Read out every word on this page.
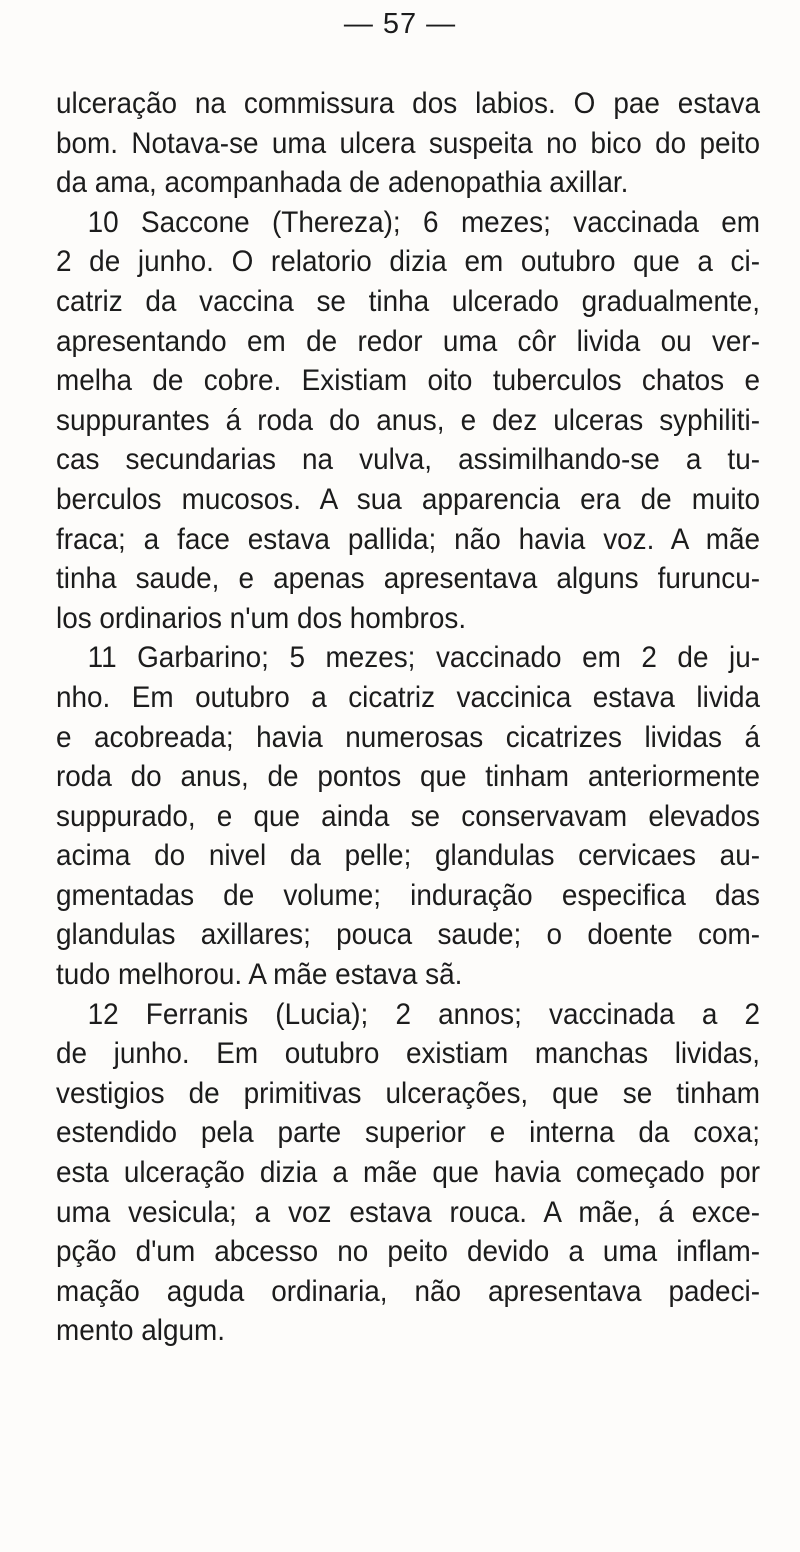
— 57 —
ulceração na commissura dos labios. O pae estava
bom. Notava-se uma ulcera suspeita no bico do peito
da ama, acompanhada de adenopathia axillar.
10 Saccone (Thereza); 6 mezes; vaccinada em
2 de junho. O relatorio dizia em outubro que a ci-
catriz da vaccina se tinha ulcerado gradualmente,
apresentando em de redor uma côr livida ou ver-
melha de cobre. Existiam oito tuberculos chatos e
suppurantes á roda do anus, e dez ulceras syphiliti-
cas secundarias na vulva, assimilhando-se a tu-
berculos mucosos. A sua apparencia era de muito
fraca; a face estava pallida; não havia voz. A mãe
tinha saude, e apenas apresentava alguns furuncu-
los ordinarios n'um dos hombros.
11 Garbarino; 5 mezes; vaccinado em 2 de ju-
nho. Em outubro a cicatriz vaccinica estava livida
e acobreada; havia numerosas cicatrizes lividas á
roda do anus, de pontos que tinham anteriormente
suppurado, e que ainda se conservavam elevados
acima do nivel da pelle; glandulas cervicaes au-
gmentadas de volume; induração especifica das
glandulas axillares; pouca saude; o doente com-
tudo melhorou. A mãe estava sã.
12 Ferranis (Lucia); 2 annos; vaccinada a 2
de junho. Em outubro existiam manchas lividas,
vestigios de primitivas ulcerações, que se tinham
estendido pela parte superior e interna da coxa;
esta ulceração dizia a mãe que havia começado por
uma vesicula; a voz estava rouca. A mãe, á exce-
pção d'um abcesso no peito devido a uma inflam-
mação aguda ordinaria, não apresentava padeci-
mento algum.
